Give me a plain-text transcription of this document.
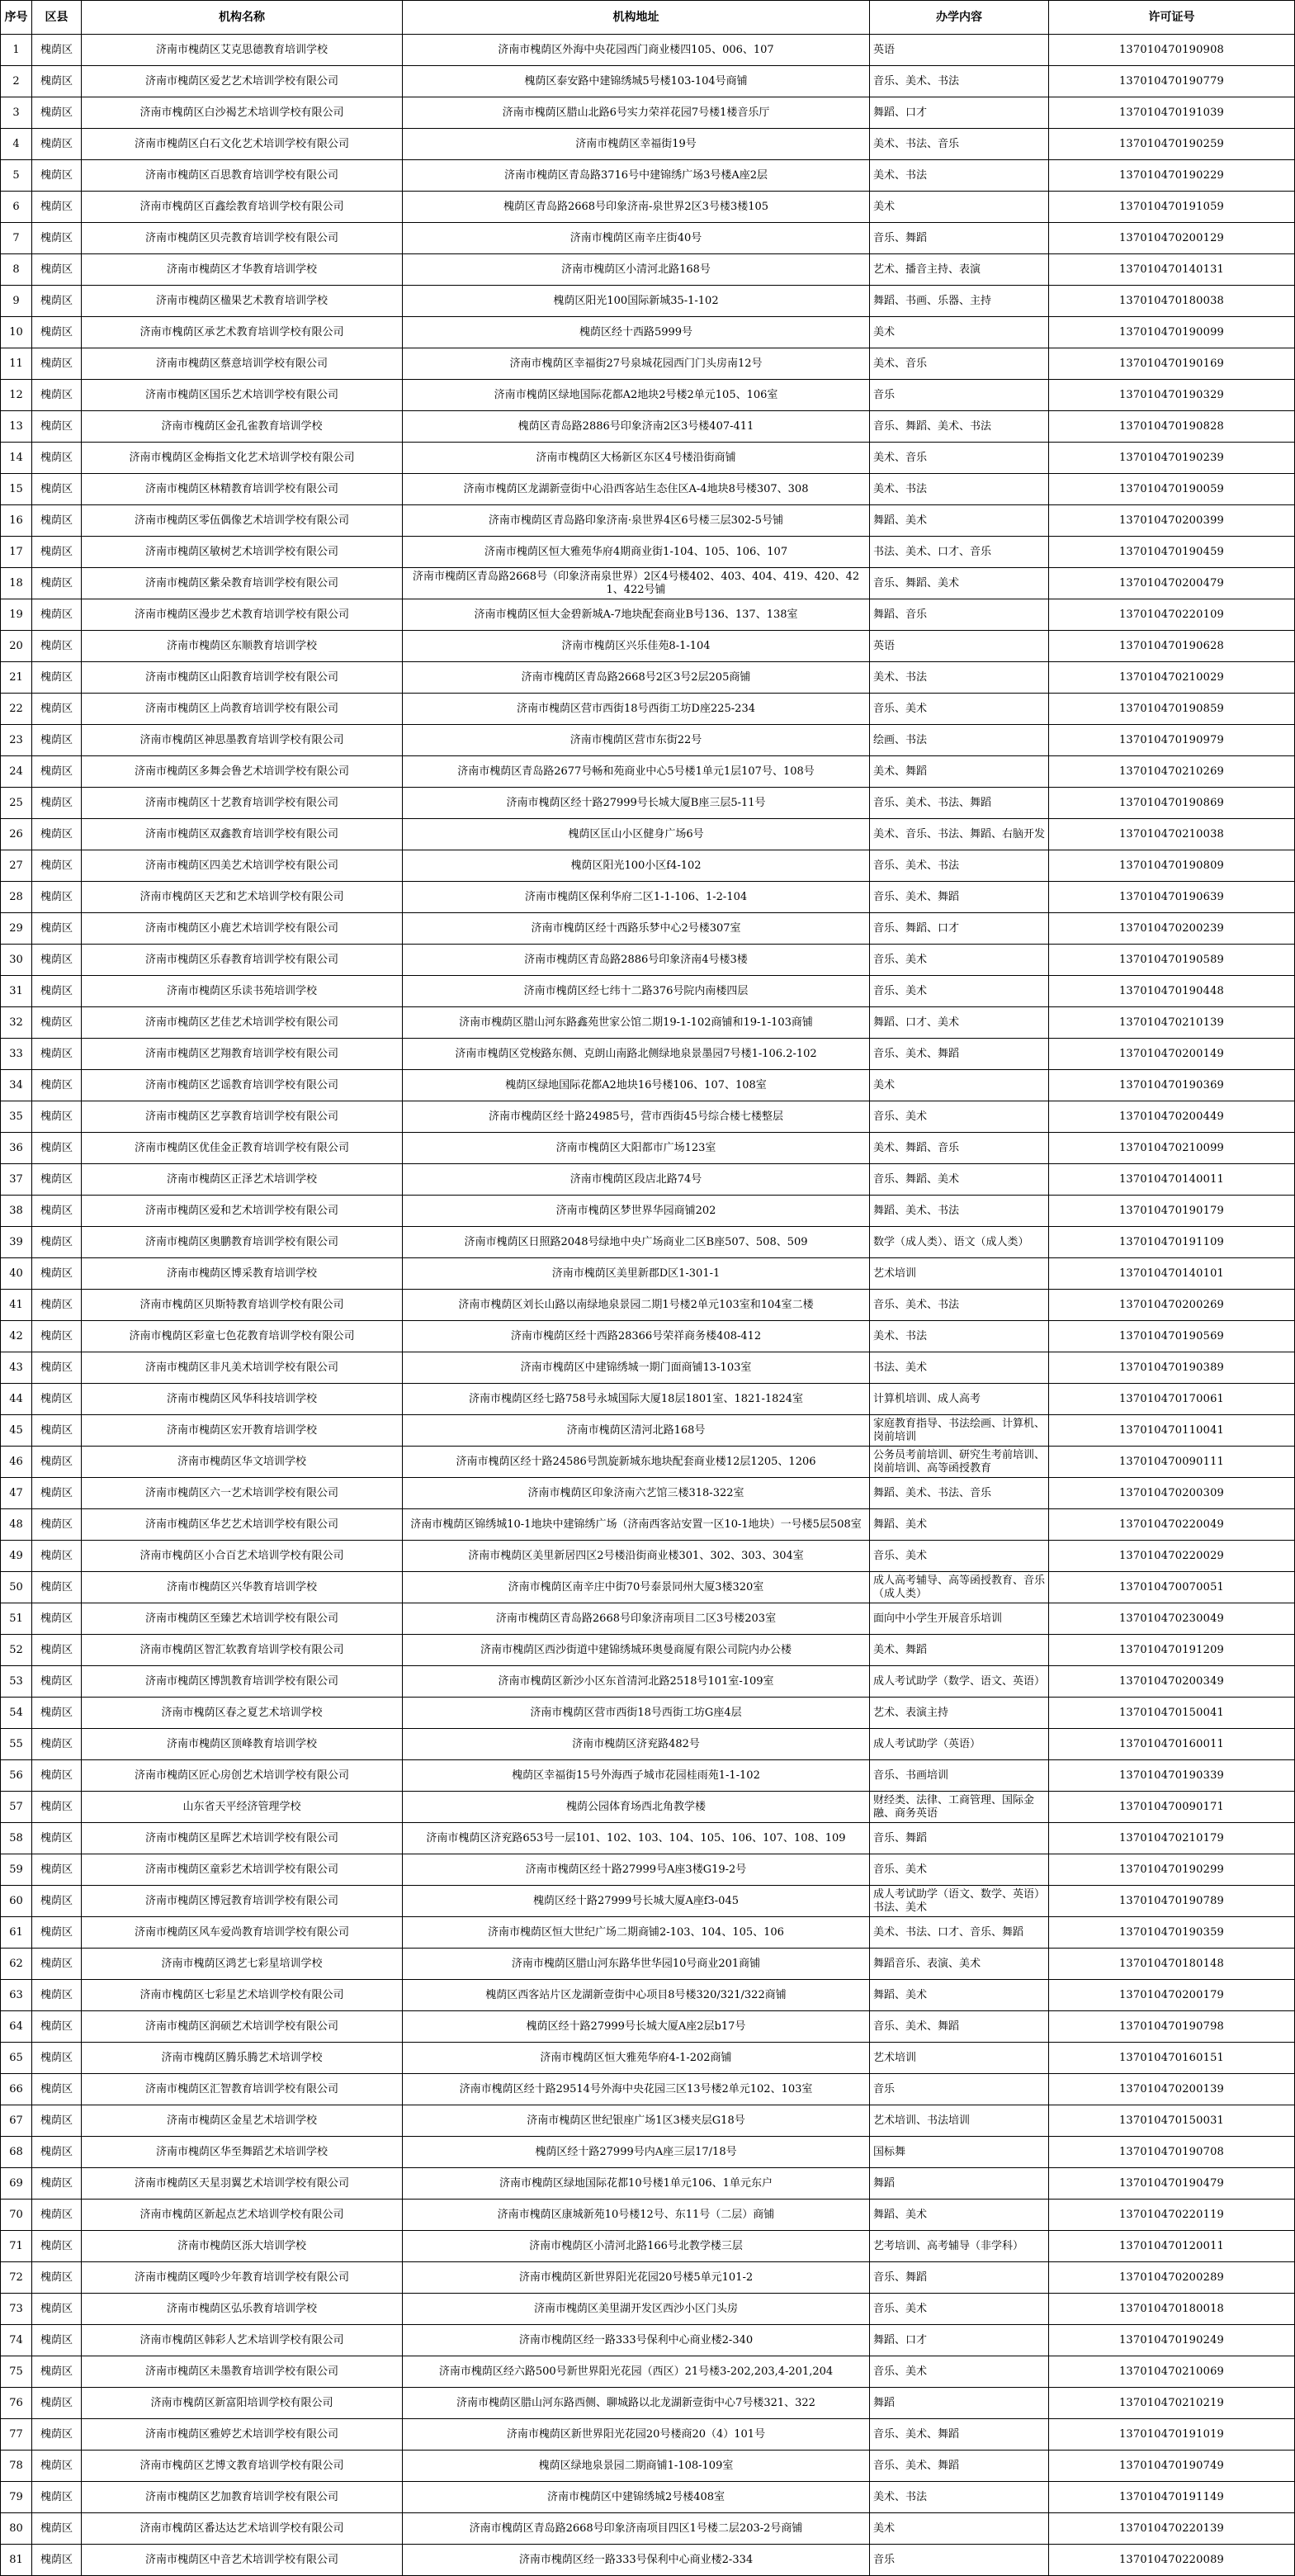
序号	区县	机构名称	机构地址	办学内容	许可证号
1	槐荫区	济南市槐荫区艾克思德教育培训学校	济南市槐荫区外海中央花园西门商业楼四105、006、107	英语	137010470190908
2	槐荫区	济南市槐荫区爱艺艺术培训学校有限公司	槐荫区泰安路中建锦绣城5号楼103-104号商铺	音乐、美术、书法	137010470190779
3	槐荫区	济南市槐荫区白沙褐艺术培训学校有限公司	济南市槐荫区腊山北路6号实力荣祥花园7号楼1楼音乐厅	舞蹈、口才	137010470191039
4	槐荫区	济南市槐荫区白石文化艺术培训学校有限公司	济南市槐荫区幸福街19号	美术、书法、音乐	137010470190259
5	槐荫区	济南市槐荫区百思教育培训学校有限公司	济南市槐荫区青岛路3716号中建锦绣广场3号楼A座2层	美术、书法	137010470190229
6	槐荫区	济南市槐荫区百鑫绘教育培训学校有限公司	槐荫区青岛路2668号印象济南-泉世界2区3号楼3楼105	美术	137010470191059
7	槐荫区	济南市槐荫区贝壳教育培训学校有限公司	济南市槐荫区南辛庄街40号	音乐、舞蹈	137010470200129
8	槐荫区	济南市槐荫区才华教育培训学校	济南市槐荫区小清河北路168号	艺术、播音主持、表演	137010470140131
9	槐荫区	济南市槐荫区楹果艺术教育培训学校	槐荫区阳光100国际新城35-1-102	舞蹈、书画、乐器、主持	137010470180038
10	槐荫区	济南市槐荫区承艺术教育培训学校有限公司	槐荫区经十西路5999号	美术	137010470190099
11	槐荫区	济南市槐荫区蔡意培训学校有限公司	济南市槐荫区幸福街27号泉城花园西门门头房南12号	美术、音乐	137010470190169
12	槐荫区	济南市槐荫区国乐艺术培训学校有限公司	济南市槐荫区绿地国际花都A2地块2号楼2单元105、106室	音乐	137010470190329
13	槐荫区	济南市槐荫区金孔雀教育培训学校	槐荫区青岛路2886号印象济南2区3号楼407-411	音乐、舞蹈、美术、书法	137010470190828
14	槐荫区	济南市槐荫区金梅指文化艺术培训学校有限公司	济南市槐荫区大杨新区东区4号楼沿街商铺	美术、音乐	137010470190239
15	槐荫区	济南市槐荫区林精教育培训学校有限公司	济南市槐荫区龙湖新壹街中心沿西客站生态住区A-4地块8号楼307、308	美术、书法	137010470190059
16	槐荫区	济南市槐荫区零伍偶像艺术培训学校有限公司	济南市槐荫区青岛路印象济南·泉世界4区6号楼三层302-5号铺	舞蹈、美术	137010470200399
17	槐荫区	济南市槐荫区敏树艺术培训学校有限公司	济南市槐荫区恒大雅苑华府4期商业街1-104、105、106、107	书法、美术、口才、音乐	137010470190459
18	槐荫区	济南市槐荫区紫朵教育培训学校有限公司	济南市槐荫区青岛路2668号（印象济南泉世界）2区4号楼402、403、404、419、420、421、422号铺	音乐、舞蹈、美术	137010470200479
19	槐荫区	济南市槐荫区漫步艺术教育培训学校有限公司	济南市槐荫区恒大金碧新城A-7地块配套商业B号136、137、138室	舞蹈、音乐	137010470220109
20	槐荫区	济南市槐荫区东顺教育培训学校	济南市槐荫区兴乐佳苑8-1-104	英语	137010470190628
21	槐荫区	济南市槐荫区山阳教育培训学校有限公司	济南市槐荫区青岛路2668号2区3号2层205商铺	美术、书法	137010470210029
22	槐荫区	济南市槐荫区上尚教育培训学校有限公司	济南市槐荫区营市西街18号西街工坊D座225-234	音乐、美术	137010470190859
23	槐荫区	济南市槐荫区神思墨教育培训学校有限公司	济南市槐荫区营市东街22号	绘画、书法	137010470190979
24	槐荫区	济南市槐荫区多舞会鲁艺术培训学校有限公司	济南市槐荫区青岛路2677号畅和苑商业中心5号楼1单元1层107号、108号	美术、舞蹈	137010470210269
25	槐荫区	济南市槐荫区十艺教育培训学校有限公司	济南市槐荫区经十路27999号长城大厦B座三层5-11号	音乐、美术、书法、舞蹈	137010470190869
26	槐荫区	济南市槐荫区双鑫教育培训学校有限公司	槐荫区匡山小区健身广场6号	美术、音乐、书法、舞蹈、右脑开发	137010470210038
27	槐荫区	济南市槐荫区四美艺术培训学校有限公司	槐荫区阳光100小区f4-102	音乐、美术、书法	137010470190809
28	槐荫区	济南市槐荫区天艺和艺术培训学校有限公司	济南市槐荫区保利华府二区1-1-106、1-2-104	音乐、美术、舞蹈	137010470190639
29	槐荫区	济南市槐荫区小鹿艺术培训学校有限公司	济南市槐荫区经十西路乐梦中心2号楼307室	音乐、舞蹈、口才	137010470200239
30	槐荫区	济南市槐荫区乐春教育培训学校有限公司	济南市槐荫区青岛路2886号印象济南4号楼3楼	音乐、美术	137010470190589
31	槐荫区	济南市槐荫区乐读书苑培训学校	济南市槐荫区经七纬十二路376号院内南楼四层	音乐、美术	137010470190448
32	槐荫区	济南市槐荫区艺佳艺术培训学校有限公司	济南市槐荫区腊山河东路鑫苑世家公馆二期19-1-102商铺和19-1-103商铺	舞蹈、口才、美术	137010470210139
33	槐荫区	济南市槐荫区艺翔教育培训学校有限公司	济南市槐荫区党梭路东侧、克朗山南路北侧绿地泉景墨园7号楼1-106.2-102	音乐、美术、舞蹈	137010470200149
34	槐荫区	济南市槐荫区艺谣教育培训学校有限公司	槐荫区绿地国际花都A2地块16号楼106、107、108室	美术	137010470190369
35	槐荫区	济南市槐荫区艺享教育培训学校有限公司	济南市槐荫区经十路24985号，营市西街45号综合楼七楼整层	音乐、美术	137010470200449
36	槐荫区	济南市槐荫区优佳金正教育培训学校有限公司	济南市槐荫区大阳都市广场123室	美术、舞蹈、音乐	137010470210099
37	槐荫区	济南市槐荫区正泽艺术培训学校	济南市槐荫区段店北路74号	音乐、舞蹈、美术	137010470140011
38	槐荫区	济南市槐荫区爱和艺术培训学校有限公司	济南市槐荫区梦世界华园商铺202	舞蹈、美术、书法	137010470190179
39	槐荫区	济南市槐荫区奥鹏教育培训学校有限公司	济南市槐荫区日照路2048号绿地中央广场商业二区B座507、508、509	数学（成人类）、语文（成人类）	137010470191109
40	槐荫区	济南市槐荫区博采教育培训学校	济南市槐荫区美里新郡D区1-301-1	艺术培训	137010470140101
41	槐荫区	济南市槐荫区贝斯特教育培训学校有限公司	济南市槐荫区刘长山路以南绿地泉景园二期1号楼2单元103室和104室二楼	音乐、美术、书法	137010470200269
42	槐荫区	济南市槐荫区彩童七色花教育培训学校有限公司	济南市槐荫区经十西路28366号荣祥商务楼408-412	美术、书法	137010470190569
43	槐荫区	济南市槐荫区非凡美术培训学校有限公司	济南市槐荫区中建锦绣城一期门面商铺13-103室	书法、美术	137010470190389
44	槐荫区	济南市槐荫区风华科技培训学校	济南市槐荫区经七路758号永城国际大厦18层1801室、1821-1824室	计算机培训、成人高考	137010470170061
45	槐荫区	济南市槐荫区宏开教育培训学校	济南市槐荫区清河北路168号	家庭教育指导、书法绘画、计算机、岗前培训	137010470110041
46	槐荫区	济南市槐荫区华文培训学校	济南市槐荫区经十路24586号凯旋新城东地块配套商业楼12层1205、1206	公务员考前培训、研究生考前培训、岗前培训、高等函授教育	137010470090111
47	槐荫区	济南市槐荫区六一艺术培训学校有限公司	济南市槐荫区印象济南六艺馆三楼318-322室	舞蹈、美术、书法、音乐	137010470200309
48	槐荫区	济南市槐荫区华艺艺术培训学校有限公司	济南市槐荫区锦绣城10-1地块中建锦绣广场（济南西客站安置一区10-1地块）一号楼5层508室	舞蹈、美术	137010470220049
49	槐荫区	济南市槐荫区小合百艺术培训学校有限公司	济南市槐荫区美里新居四区2号楼沿街商业楼301、302、303、304室	音乐、美术	137010470220029
50	槐荫区	济南市槐荫区兴华教育培训学校	济南市槐荫区南辛庄中街70号泰景同州大厦3楼320室	成人高考辅导、高等函授教育、音乐（成人类）	137010470070051
51	槐荫区	济南市槐荫区至臻艺术培训学校有限公司	济南市槐荫区青岛路2668号印象济南项目二区3号楼203室	面向中小学生开展音乐培训	137010470230049
52	槐荫区	济南市槐荫区智汇软教育培训学校有限公司	济南市槐荫区西沙街道中建锦绣城环奥曼商厦有限公司院内办公楼	美术、舞蹈	137010470191209
53	槐荫区	济南市槐荫区博凯教育培训学校有限公司	济南市槐荫区新沙小区东首清河北路2518号101室-109室	成人考试助学（数学、语文、英语）	137010470200349
54	槐荫区	济南市槐荫区春之夏艺术培训学校	济南市槐荫区营市西街18号西街工坊G座4层	艺术、表演主持	137010470150041
55	槐荫区	济南市槐荫区顶峰教育培训学校	济南市槐荫区济兖路482号	成人考试助学（英语）	137010470160011
56	槐荫区	济南市槐荫区匠心房创艺术培训学校有限公司	槐荫区幸福街15号外海西子城市花园桂雨苑1-1-102	音乐、书画培训	137010470190339
57	槐荫区	山东省天平经济管理学校	槐荫公园体育场西北角教学楼	财经类、法律、工商管理、国际金融、商务英语	137010470090171
58	槐荫区	济南市槐荫区星晖艺术培训学校有限公司	济南市槐荫区济兖路653号一层101、102、103、104、105、106、107、108、109	音乐、舞蹈	137010470210179
59	槐荫区	济南市槐荫区童彩艺术培训学校有限公司	济南市槐荫区经十路27999号A座3楼G19-2号	音乐、美术	137010470190299
60	槐荫区	济南市槐荫区博冠教育培训学校有限公司	槐荫区经十路27999号长城大厦A座f3-045	成人考试助学（语文、数学、英语）书法、美术	137010470190789
61	槐荫区	济南市槐荫区风车爱尚教育培训学校有限公司	济南市槐荫区恒大世纪广场二期商铺2-103、104、105、106	美术、书法、口才、音乐、舞蹈	137010470190359
62	槐荫区	济南市槐荫区鸿艺七彩星培训学校	济南市槐荫区腊山河东路华世华园10号商业201商铺	舞蹈音乐、表演、美术	137010470180148
63	槐荫区	济南市槐荫区七彩星艺术培训学校有限公司	槐荫区西客站片区龙湖新壹街中心项目8号楼320/321/322商铺	舞蹈、美术	137010470200179
64	槐荫区	济南市槐荫区润硕艺术培训学校有限公司	槐荫区经十路27999号长城大厦A座2层b17号	音乐、美术、舞蹈	137010470190798
65	槐荫区	济南市槐荫区腾乐腾艺术培训学校	济南市槐荫区恒大雅苑华府4-1-202商铺	艺术培训	137010470160151
66	槐荫区	济南市槐荫区汇智教育培训学校有限公司	济南市槐荫区经十路29514号外海中央花园三区13号楼2单元102、103室	音乐	137010470200139
67	槐荫区	济南市槐荫区金星艺术培训学校	济南市槐荫区世纪银座广场1区3楼夹层G18号	艺术培训、书法培训	137010470150031
68	槐荫区	济南市槐荫区华至舞蹈艺术培训学校	槐荫区经十路27999号内A座三层17/18号	国标舞	137010470190708
69	槐荫区	济南市槐荫区天星羽翼艺术培训学校有限公司	济南市槐荫区绿地国际花都10号楼1单元106、1单元东户	舞蹈	137010470190479
70	槐荫区	济南市槐荫区新起点艺术培训学校有限公司	济南市槐荫区康城新苑10号楼12号、东11号（二层）商铺	舞蹈、美术	137010470220119
71	槐荫区	济南市槐荫区泺大培训学校	济南市槐荫区小清河北路166号北教学楼三层	艺考培训、高考辅导（非学科）	137010470120011
72	槐荫区	济南市槐荫区嘎呤少年教育培训学校有限公司	济南市槐荫区新世界阳光花园20号楼5单元101-2	音乐、舞蹈	137010470200289
73	槐荫区	济南市槐荫区弘乐教育培训学校	济南市槐荫区美里湖开发区西沙小区门头房	音乐、美术	137010470180018
74	槐荫区	济南市槐荫区韩彩人艺术培训学校有限公司	济南市槐荫区经一路333号保利中心商业楼2-340	舞蹈、口才	137010470190249
75	槐荫区	济南市槐荫区未墨教育培训学校有限公司	济南市槐荫区经六路500号新世界阳光花园（西区）21号楼3-202,203,4-201,204	音乐、美术	137010470210069
76	槐荫区	济南市槐荫区新富阳培训学校有限公司	济南市槐荫区腊山河东路西侧、聊城路以北龙湖新壹街中心7号楼321、322	舞蹈	137010470210219
77	槐荫区	济南市槐荫区雅婷艺术培训学校有限公司	济南市槐荫区新世界阳光花园20号楼商20（4）101号	音乐、美术、舞蹈	137010470191019
78	槐荫区	济南市槐荫区艺博文教育培训学校有限公司	槐荫区绿地泉景园二期商铺1-108-109室	音乐、美术、舞蹈	137010470190749
79	槐荫区	济南市槐荫区艺加教育培训学校有限公司	济南市槐荫区中建锦绣城2号楼408室	美术、书法	137010470191149
80	槐荫区	济南市槐荫区番达达艺术培训学校有限公司	济南市槐荫区青岛路2668号印象济南项目四区1号楼二层203-2号商铺	美术	137010470220139
81	槐荫区	济南市槐荫区中音艺术培训学校有限公司	济南市槐荫区经一路333号保利中心商业楼2-334	音乐	137010470220089
